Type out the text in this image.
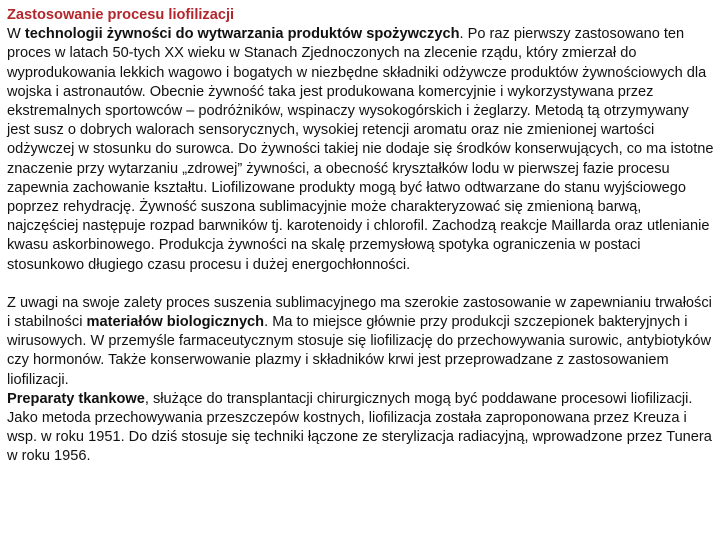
Zastosowanie procesu liofilizacji

W technologii żywności do wytwarzania produktów spożywczych. Po raz pierwszy zastosowano ten proces w latach 50-tych XX wieku w Stanach Zjednoczonych na zlecenie rządu, który zmierzał do wyprodukowania lekkich wagowo i bogatych w niezbędne składniki odżywcze produktów żywnościowych dla wojska i astronautów. Obecnie żywność taka jest produkowana komercyjnie i wykorzystywana przez ekstremalnych sportowców – podróżników, wspinaczy wysokogórskich i żeglarzy. Metodą tą otrzymywany jest susz o dobrych walorach sensorycznych, wysokiej retencji aromatu oraz nie zmienionej wartości odżywczej w stosunku do surowca. Do żywności takiej nie dodaje się środków konserwujących, co ma istotne znaczenie przy wytarzaniu „zdrowej” żywności, a obecność kryształków lodu w pierwszej fazie procesu zapewnia zachowanie kształtu. Liofilizowane produkty mogą być łatwo odtwarzane do stanu wyjściowego poprzez rehydrację. Żywność suszona sublimacyjnie może charakteryzować się zmienioną barwą, najczęściej następuje rozpad barwników tj. karotenoidy i chlorofil. Zachodzą reakcje Maillarda oraz utlenianie kwasu askorbinowego. Produkcja żywności na skalę przemysłową spotyka ograniczenia w postaci stosunkowo długiego czasu procesu i dużej energochłonności.

Z uwagi na swoje zalety proces suszenia sublimacyjnego ma szerokie zastosowanie w zapewnianiu trwałości i stabilności materiałów biologicznych. Ma to miejsce głównie przy produkcji szczepionek bakteryjnych i wirusowych. W przemyśle farmaceutycznym stosuje się liofilizację do przechowywania surowic, antybiotyków czy hormonów. Także konserwowanie plazmy i składników krwi jest przeprowadzane z zastosowaniem liofilizacji.

Preparaty tkankowe, służące do transplantacji chirurgicznych mogą być poddawane procesowi liofilizacji. Jako metoda przechowywania przeszczepów kostnych, liofilizacja została zaproponowana przez Kreuza i wsp. w roku 1951. Do dziś stosuje się techniki łączone ze sterylizacja radiacyjną, wprowadzone przez Tunera w roku 1956.
